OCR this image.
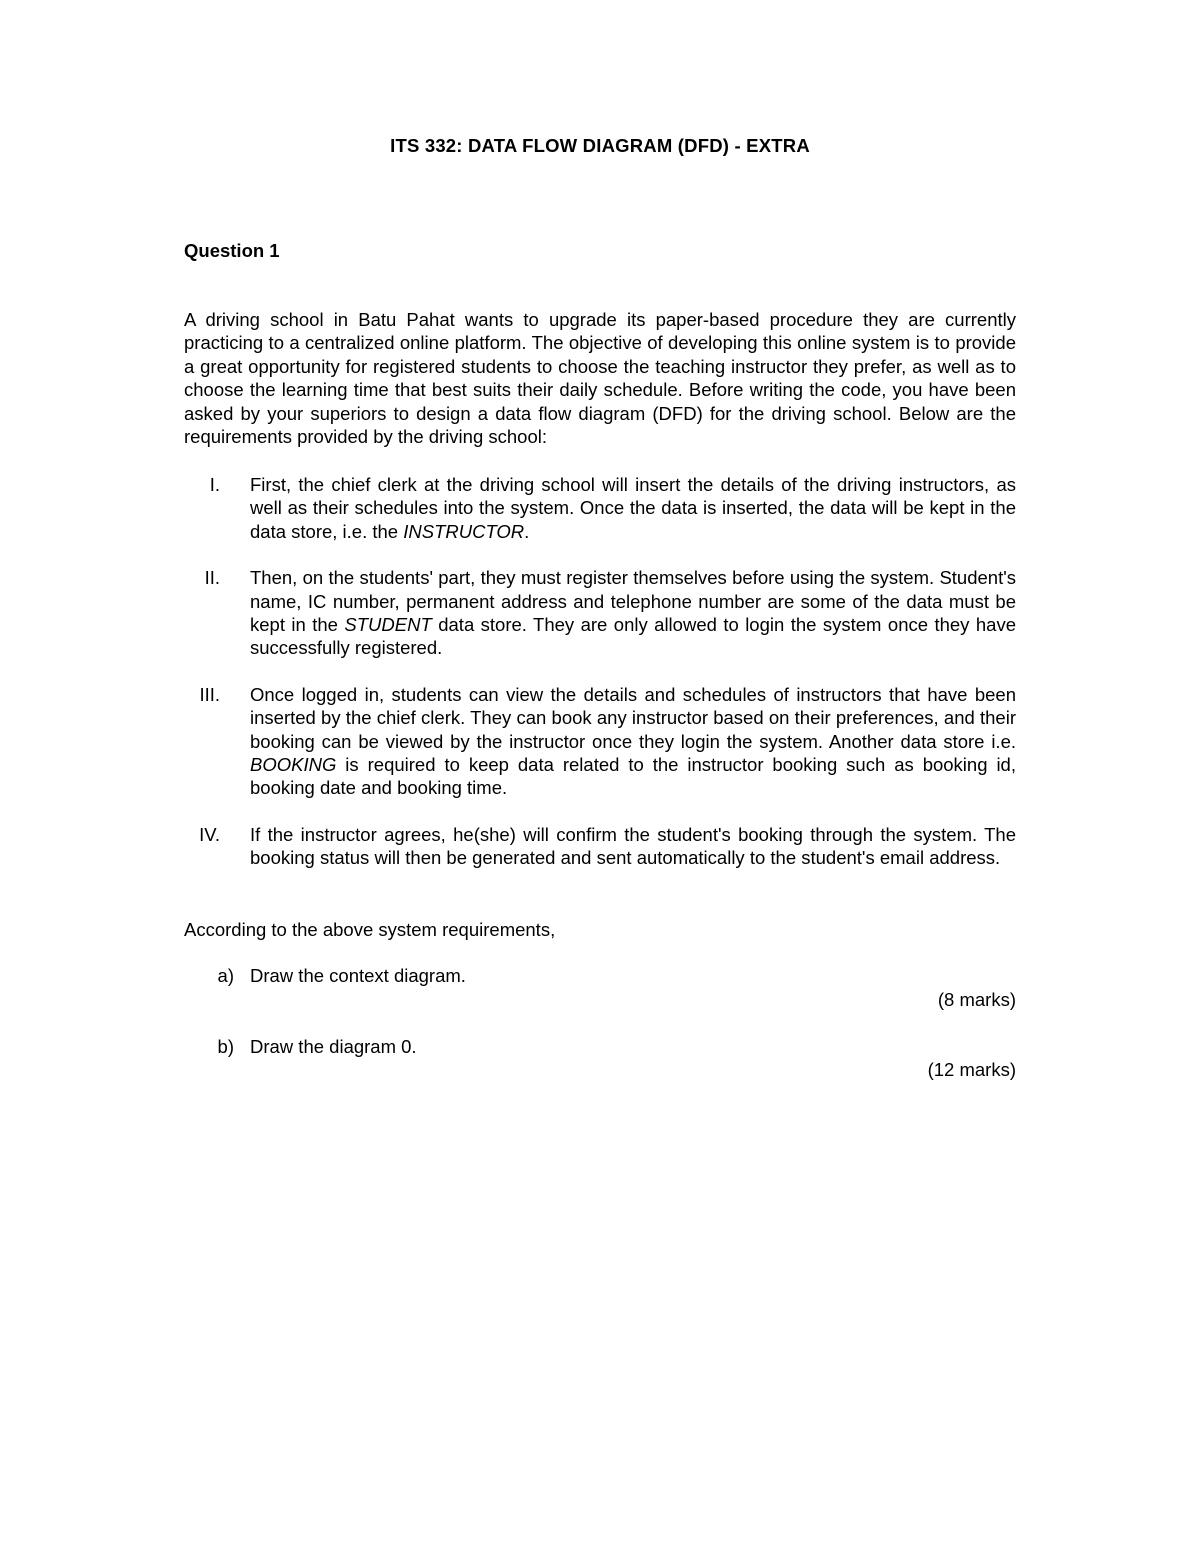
ITS 332: DATA FLOW DIAGRAM (DFD) - EXTRA
Question 1
A driving school in Batu Pahat wants to upgrade its paper-based procedure they are currently practicing to a centralized online platform. The objective of developing this online system is to provide a great opportunity for registered students to choose the teaching instructor they prefer, as well as to choose the learning time that best suits their daily schedule. Before writing the code, you have been asked by your superiors to design a data flow diagram (DFD) for the driving school. Below are the requirements provided by the driving school:
I. First, the chief clerk at the driving school will insert the details of the driving instructors, as well as their schedules into the system. Once the data is inserted, the data will be kept in the data store, i.e. the INSTRUCTOR.
II. Then, on the students' part, they must register themselves before using the system. Student's name, IC number, permanent address and telephone number are some of the data must be kept in the STUDENT data store. They are only allowed to login the system once they have successfully registered.
III. Once logged in, students can view the details and schedules of instructors that have been inserted by the chief clerk. They can book any instructor based on their preferences, and their booking can be viewed by the instructor once they login the system. Another data store i.e. BOOKING is required to keep data related to the instructor booking such as booking id, booking date and booking time.
IV. If the instructor agrees, he(she) will confirm the student's booking through the system. The booking status will then be generated and sent automatically to the student's email address.
According to the above system requirements,
a) Draw the context diagram.
(8 marks)
b) Draw the diagram 0.
(12 marks)
